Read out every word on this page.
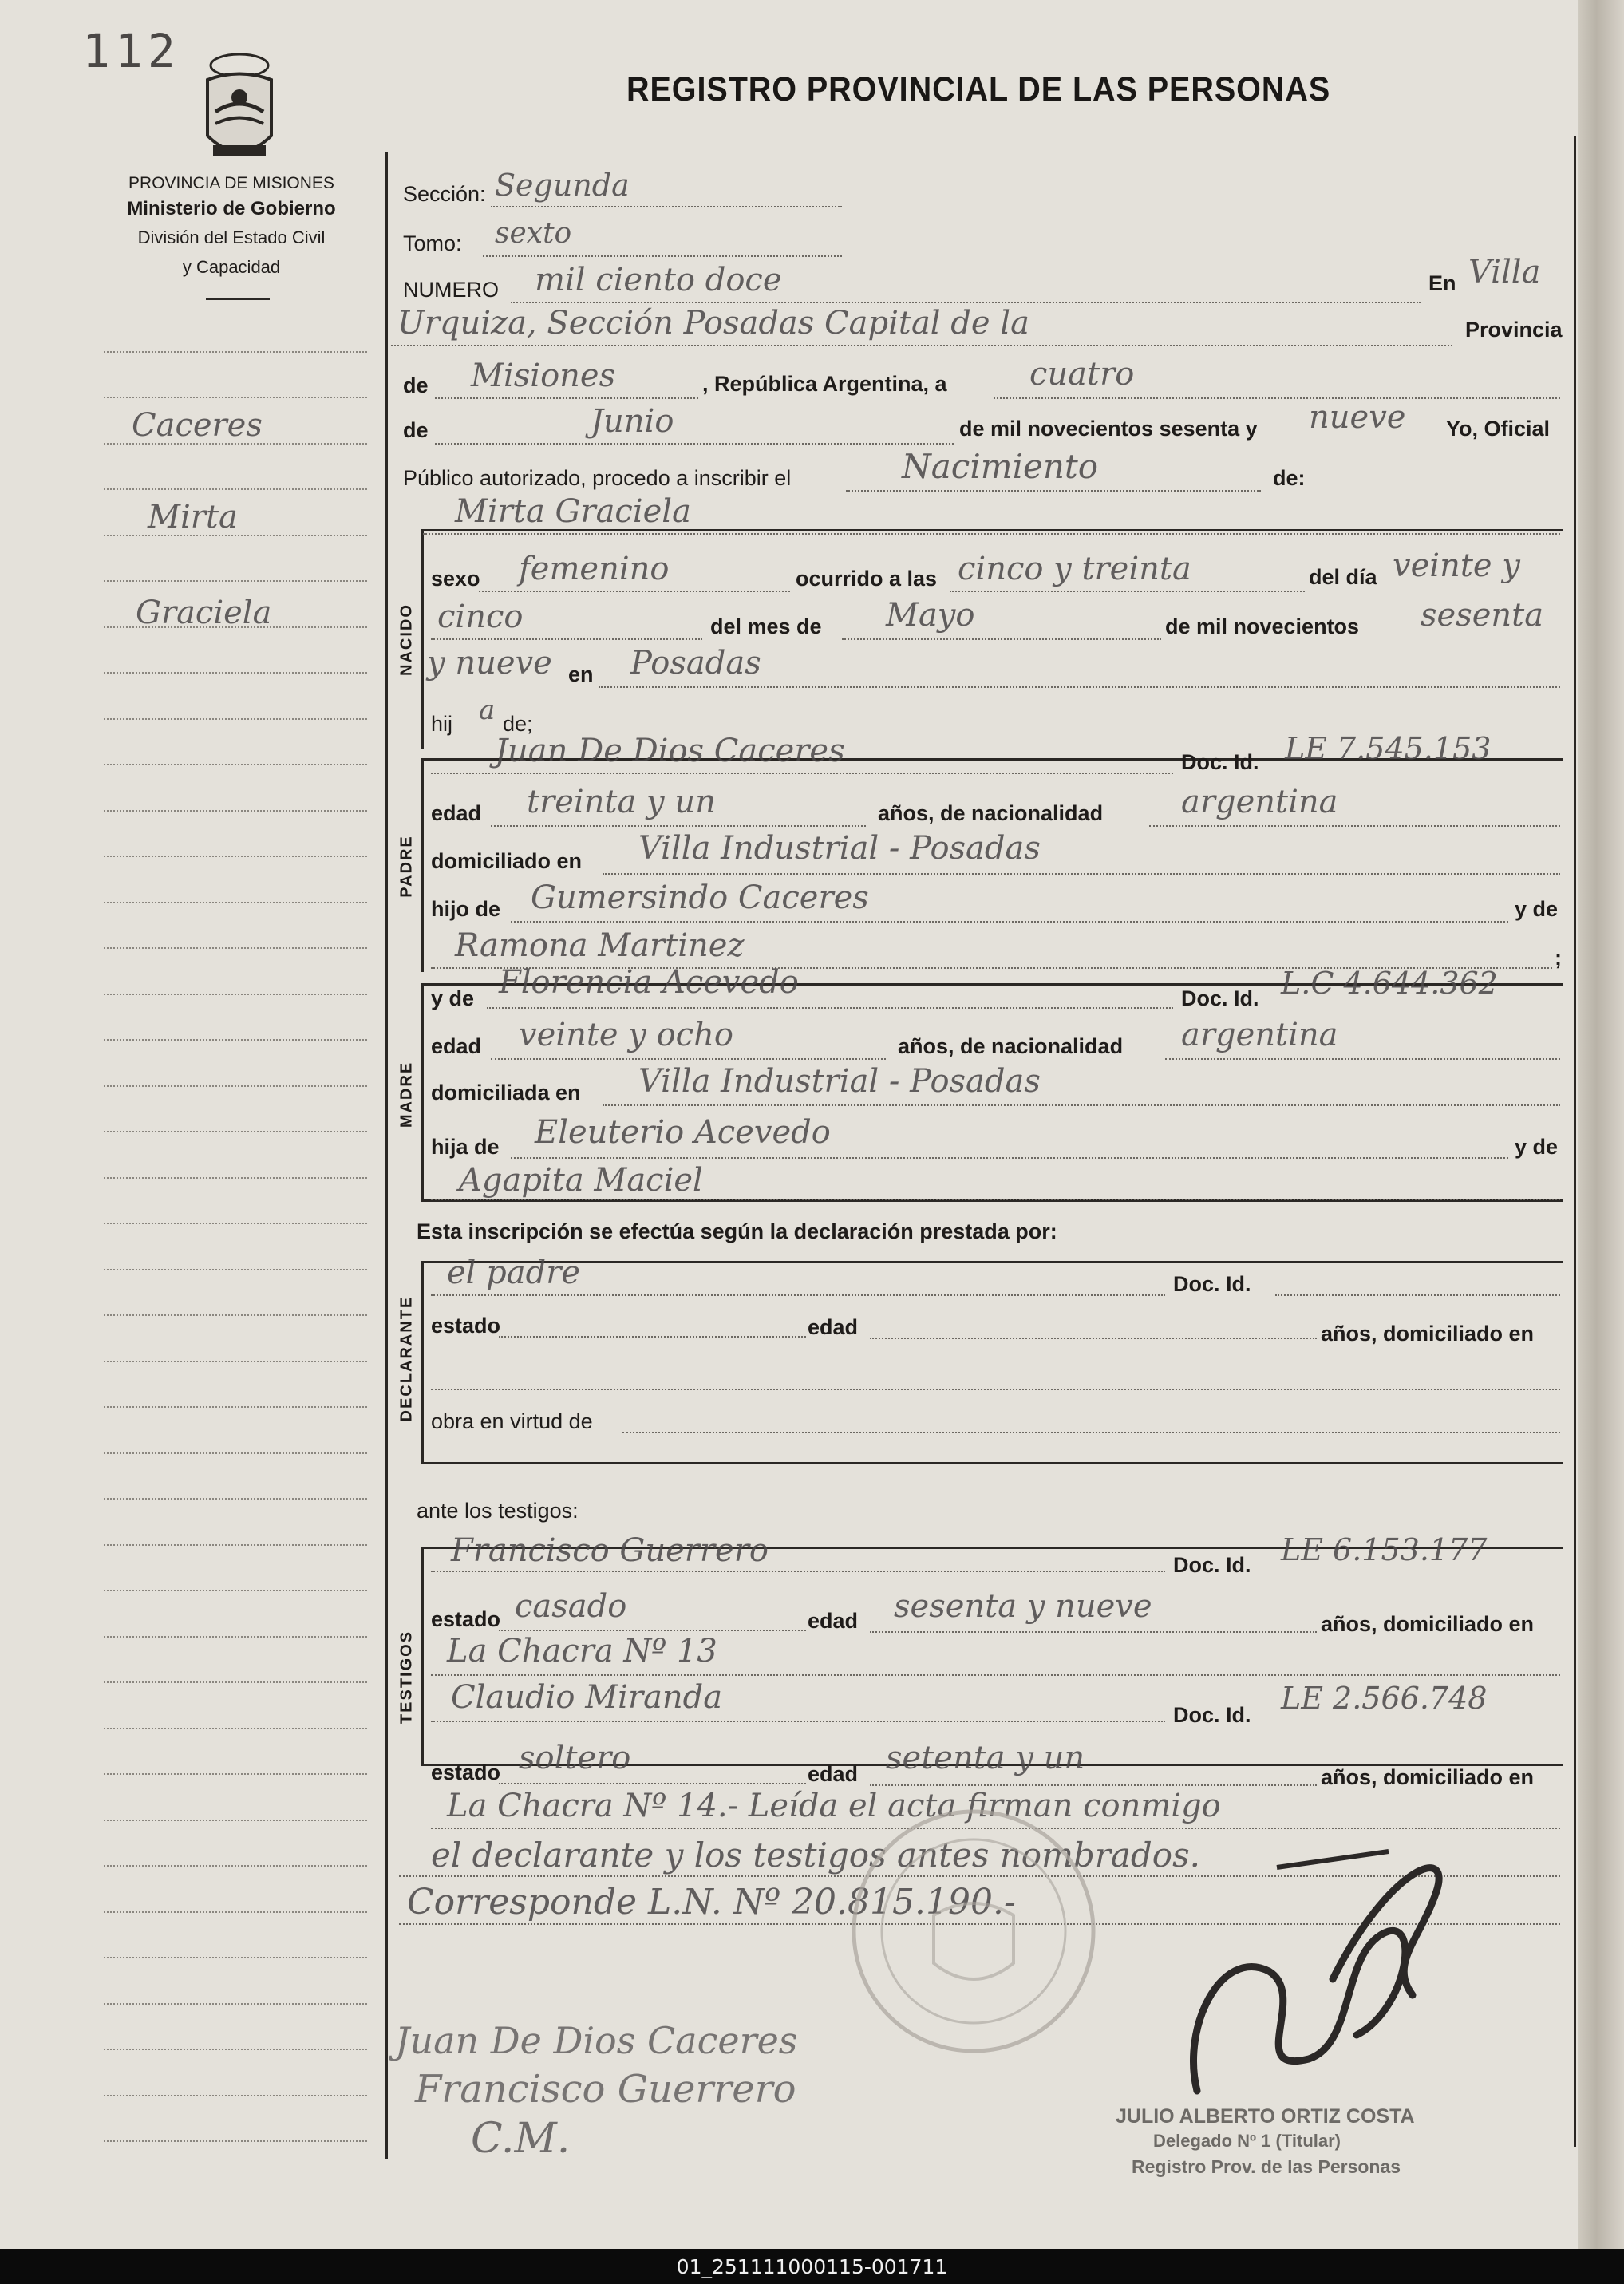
112
REGISTRO PROVINCIAL DE LAS PERSONAS
PROVINCIA DE MISIONES
Ministerio de Gobierno
División del Estado Civil
y Capacidad
Caceres
Mirta
Graciela	NACIDO
PADRE
MADRE
DECLARANTE
TESTIGOS
Sección: Segunda
Tomo: sexto
NUMERO mil ciento doce	En Villa
Urquiza, Sección Posadas Capital de la	Provincia
de Misiones	, República Argentina, a	cuatro
de	Junio	de mil novecientos sesenta y nueve Yo, Oficial
Público autorizado, procedo a inscribir el	Nacimiento	de:
Mirta Graciela
sexo femenino	ocurrido a las cinco y treinta	del día veinte y
cinco	del mes de Mayo	de mil novecientos sesenta
y nueve en Posadas
hij a de;
Juan De Dios Caceres	Doc. Id. LE 7.545.153
edad treinta y un	años, de nacionalidad argentina
domiciliado en Villa Industrial - Posadas
hijo de Gumersindo Caceres	y de
Ramona Martinez	;
y de Florencia Acevedo	Doc. Id. L.C 4.644.362
edad veinte y ocho	años, de nacionalidad argentina
domiciliada en Villa Industrial - Posadas
hija de Eleuterio Acevedo	y de
Agapita Maciel
Esta inscripción se efectúa según la declaración prestada por:
el padre	Doc. Id.
estado	edad	años, domiciliado en
obra en virtud de
ante los testigos:
Francisco Guerrero	Doc. Id. LE 6.153.177
estado casado	edad sesenta y nueve	años, domiciliado en
La Chacra Nº 13
Claudio Miranda	Doc. Id. LE 2.566.748
estado soltero	edad setenta y un
años, domiciliado en
La Chacra Nº 14.- Leída el acta firman conmigo
el declarante y los testigos antes nombrados.
Corresponde L.N. Nº 20.815.190.-
Juan De Dios Caceres
Francisco Guerrero
C.M.	JULIO ALBERTO ORTIZ COSTA
Delegado Nº 1 (Titular)
Registro Prov. de las Personas
01_251111000115-001711
